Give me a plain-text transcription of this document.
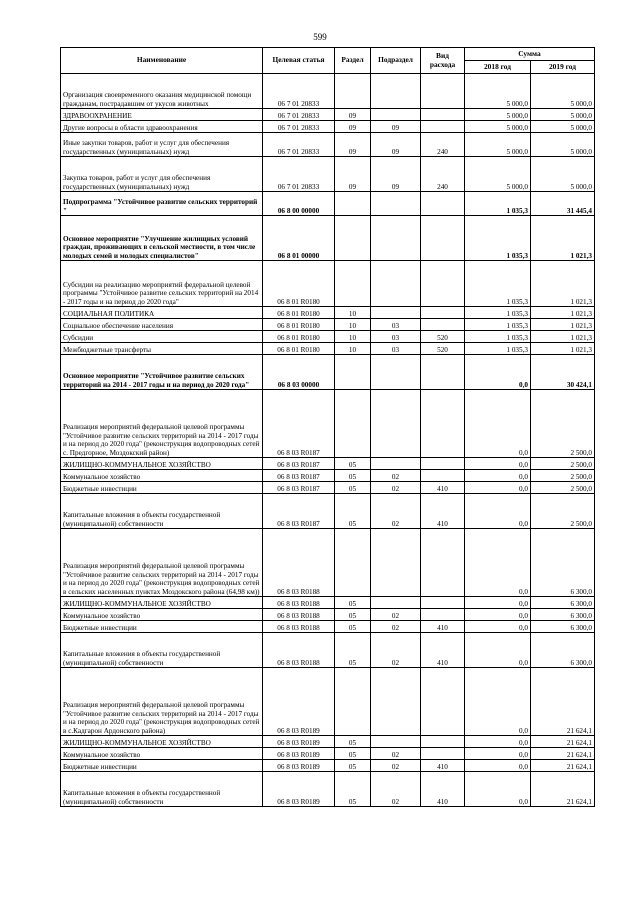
599
Наименование	Целевая статья	Раздел	Подраздел	Вид расхода	Сумма	
					2018 год	2019 год
Организация своевременного оказания медицинской помощи гражданам, пострадавшим от укусов животных	06 7 01 20833				5 000,0	5 000,0
ЗДРАВООХРАНЕНИЕ	06 7 01 20833	09			5 000,0	5 000,0
Другие вопросы в области здравоохранения	06 7 01 20833	09	09		5 000,0	5 000,0
Иные закупки товаров, работ и услуг для обеспечения государственных (муниципальных) нужд	06 7 01 20833	09	09	240	5 000,0	5 000,0
Закупка товаров, работ и услуг для обеспечения государственных (муниципальных) нужд	06 7 01 20833	09	09	240	5 000,0	5 000,0
Подпрограмма "Устойчивое развитие сельских территорий "	06 8 00 00000				1 035,3	31 445,4
Основное мероприятие "Улучшение жилищных условий граждан, проживающих в сельской местности, в том числе молодых семей и молодых специалистов"	06 8 01 00000				1 035,3	1 021,3
Субсидии на реализацию мероприятий федеральной целевой программы "Устойчивое развитие сельских территорий на 2014 - 2017 годы и на период до 2020 года"	06 8 01 R0180				1 035,3	1 021,3
СОЦИАЛЬНАЯ ПОЛИТИКА	06 8 01 R0180	10			1 035,3	1 021,3
Социальное обеспечение населения	06 8 01 R0180	10	03		1 035,3	1 021,3
Субсидии	06 8 01 R0180	10	03	520	1 035,3	1 021,3
Межбюджетные трансферты	06 8 01 R0180	10	03	520	1 035,3	1 021,3
Основное мероприятие "Устойчивое развитие сельских территорий на 2014 - 2017 годы и на период до 2020 года"	06 8 03 00000				0,0	30 424,1
Реализация мероприятий федеральной целевой программы "Устойчивое развитие сельских территорий на 2014 - 2017 годы и на период до 2020 года" (реконструкция водопроводных сетей с. Предгорное, Моздокский район)	06 8 03 R0187				0,0	2 500,0
ЖИЛИЩНО-КОММУНАЛЬНОЕ ХОЗЯЙСТВО	06 8 03 R0187	05			0,0	2 500,0
Коммунальное хозяйство	06 8 03 R0187	05	02		0,0	2 500,0
Бюджетные инвестиции	06 8 03 R0187	05	02	410	0,0	2 500,0
Капитальные вложения в объекты государственной (муниципальной) собственности	06 8 03 R0187	05	02	410	0,0	2 500,0
Реализация мероприятий федеральной целевой программы "Устойчивое развитие сельских территорий на 2014 - 2017 годы и на период до 2020 года" (реконструкция водопроводных сетей в сельских населенных пунктах Моздокского района (64,98 км))	06 8 03 R0188				0,0	6 300,0
ЖИЛИЩНО-КОММУНАЛЬНОЕ ХОЗЯЙСТВО	06 8 03 R0188	05			0,0	6 300,0
Коммунальное хозяйство	06 8 03 R0188	05	02		0,0	6 300,0
Бюджетные инвестиции	06 8 03 R0188	05	02	410	0,0	6 300,0
Капитальные вложения в объекты государственной (муниципальной) собственности	06 8 03 R0188	05	02	410	0,0	6 300,0
Реализация мероприятий федеральной целевой программы "Устойчивое развитие сельских территорий на 2014 - 2017 годы и на период до 2020 года" (реконструкция водопроводных сетей в с.Кадгарон Ардонского района)	06 8 03 R0189				0,0	21 624,1
ЖИЛИЩНО-КОММУНАЛЬНОЕ ХОЗЯЙСТВО	06 8 03 R0189	05			0,0	21 624,1
Коммунальное хозяйство	06 8 03 R0189	05	02		0,0	21 624,1
Бюджетные инвестиции	06 8 03 R0189	05	02	410	0,0	21 624,1
Капитальные вложения в объекты государственной (муниципальной) собственности	06 8 03 R0189	05	02	410	0,0	21 624,1
